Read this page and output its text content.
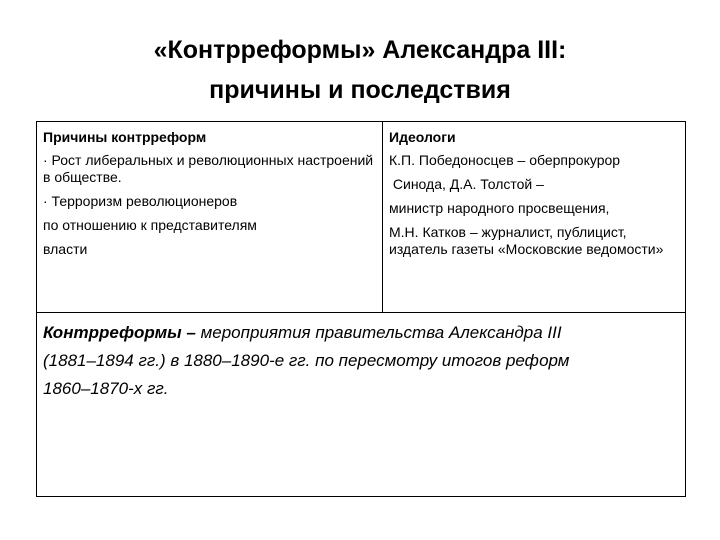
«Контрреформы» Александра III:
причины и последствия
Причины контрреформ
· Рост либеральных и революционных настроений в обществе.
· Терроризм революционеров
по отношению к представителям
власти

Идеологи
К.П. Победоносцев – оберпрокурор
Синода, Д.А. Толстой –
министр народного просвещения,
М.Н. Катков – журналист, публицист, издатель газеты «Московские ведомости»

Контрреформы – мероприятия правительства Александра III
(1881–1894 гг.) в 1880–1890-е гг. по пересмотру итогов реформ
1860–1870-х гг.
